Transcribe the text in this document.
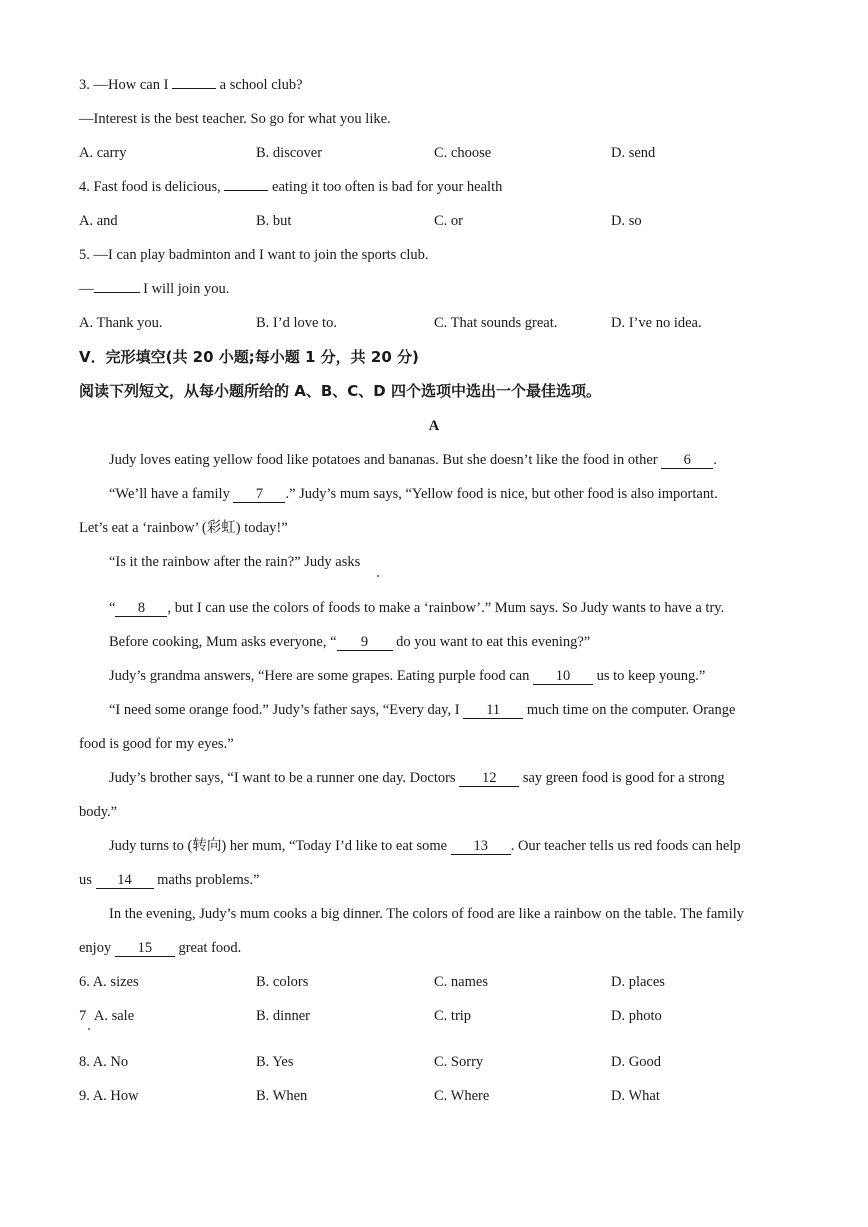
3. —How can I	a school club?
—Interest is the best teacher. So go for what you like.
A. carry	B. discover	C. choose	D. send
4. Fast food is delicious,	eating it too often is bad for your health
A. and	B. but	C. or	D. so
5. —I can play badminton and I want to join the sports club.
—	I will join you.
A. Thank you.	B. I’d love to.	C. That sounds great.	D. I’ve no idea.
V．完形填空(共 20 小题;每小题 1 分，共 20 分)
阅读下列短文，从每小题所给的 A、B、C、D 四个选项中选出一个最佳选项。
A
Judy loves eating yellow food like potatoes and bananas. But she doesn’t like the food in other 6 .
“We’ll have a family 7 .” Judy’s mum says, “Yellow food is nice, but other food is also important.
Let’s eat a ‘rainbow’ (彩虹) today!”
“Is it the rainbow after the rain?” Judy asks
“ 8 , but I can use the colors of foods to make a ‘rainbow’.” Mum says. So Judy wants to have a try.
Before cooking, Mum asks everyone, “ 9 do you want to eat this evening?”
Judy’s grandma answers, “Here are some grapes. Eating purple food can 10 us to keep young.”
“I need some orange food.” Judy’s father says, “Every day, I 11 much time on the computer. Orange
food is good for my eyes.”
Judy’s brother says, “I want to be a runner one day. Doctors 12 say green food is good for a strong
body.”
Judy turns to (转向) her mum, “Today I’d like to eat some 13 . Our teacher tells us red foods can help
us 14 maths problems.”
In the evening, Judy’s mum cooks a big dinner. The colors of food are like a rainbow on the table. The family
enjoy 15 great food.
6. A. sizes	B. colors	C. names	D. places
7 A. sale	B. dinner	C. trip	D. photo
8. A. No	B. Yes	C. Sorry	D. Good
9. A. How	B. When	C. Where	D. What
